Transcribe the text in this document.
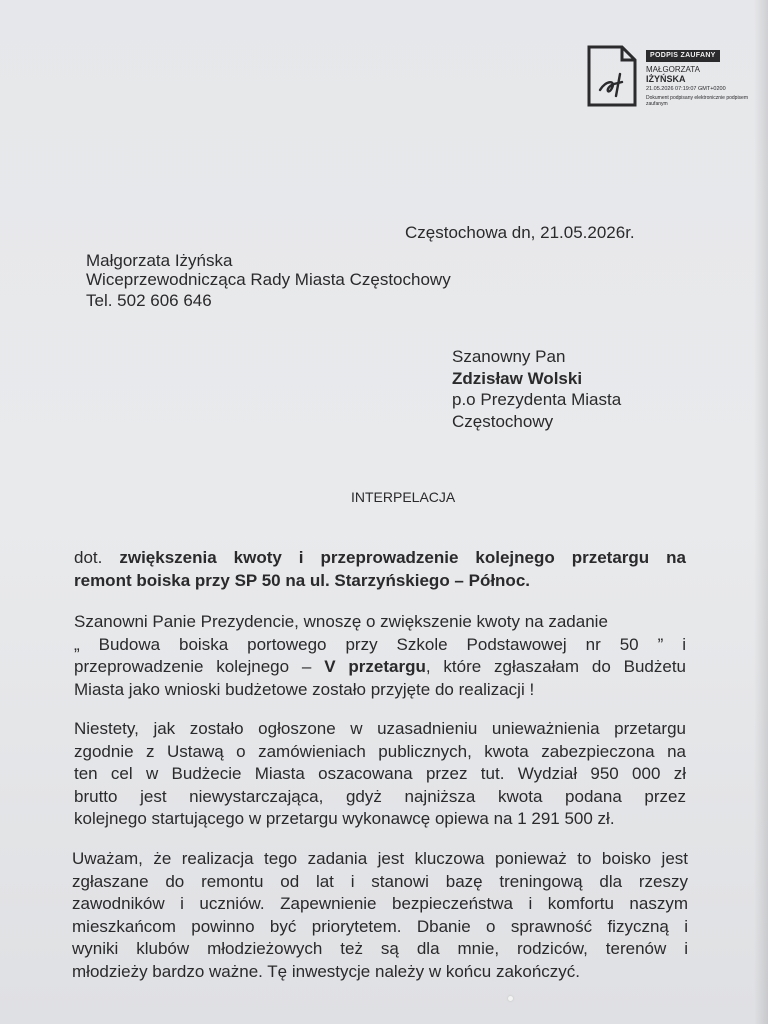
PODPIS ZAUFANY
MAŁGORZATA
IŻYŃSKA
21.05.2026 07:19:07 GMT+0200
Dokument podpisany elektronicznie podpisem zaufanym
Częstochowa dn, 21.05.2026r.
Małgorzata Iżyńska
Wiceprzewodnicząca Rady Miasta Częstochowy
Tel. 502 606 646
Szanowny Pan
Zdzisław Wolski
p.o Prezydenta Miasta
Częstochowy
INTERPELACJA
dot. zwiększenia kwoty i przeprowadzenie kolejnego przetargu na
remont boiska przy SP 50 na ul. Starzyńskiego – Północ.
Szanowni Panie Prezydencie, wnoszę o zwiększenie kwoty na zadanie
„ Budowa boiska portowego przy Szkole Podstawowej nr 50 ” i
przeprowadzenie kolejnego – V przetargu, które zgłaszałam do Budżetu
Miasta jako wnioski budżetowe zostało przyjęte do realizacji !
Niestety, jak zostało ogłoszone w uzasadnieniu unieważnienia przetargu
zgodnie z Ustawą o zamówieniach publicznych, kwota zabezpieczona na
ten cel w Budżecie Miasta oszacowana przez tut. Wydział 950 000 zł
brutto jest niewystarczająca, gdyż najniższa kwota podana przez
kolejnego startującego w przetargu wykonawcę opiewa na 1 291 500 zł.
Uważam, że realizacja tego zadania jest kluczowa ponieważ to boisko jest
zgłaszane do remontu od lat i stanowi bazę treningową dla rzeszy
zawodników i uczniów. Zapewnienie bezpieczeństwa i komfortu naszym
mieszkańcom powinno być priorytetem. Dbanie o sprawność fizyczną i
wyniki klubów młodzieżowych też są dla mnie, rodziców, terenów i
młodzieży bardzo ważne. Tę inwestycje należy w końcu zakończyć.
